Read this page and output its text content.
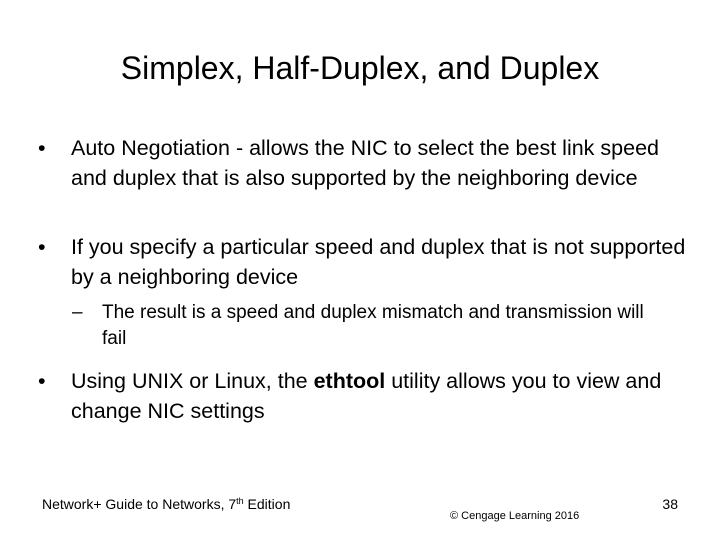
Simplex, Half-Duplex, and Duplex
• Auto Negotiation - allows the NIC to select the best link speed and duplex that is also supported by the neighboring device
• If you specify a particular speed and duplex that is not supported by a neighboring device
– The result is a speed and duplex mismatch and transmission will fail
• Using UNIX or Linux, the ethtool utility allows you to view and change NIC settings
Network+ Guide to Networks, 7th Edition
© Cengage Learning 2016
38
